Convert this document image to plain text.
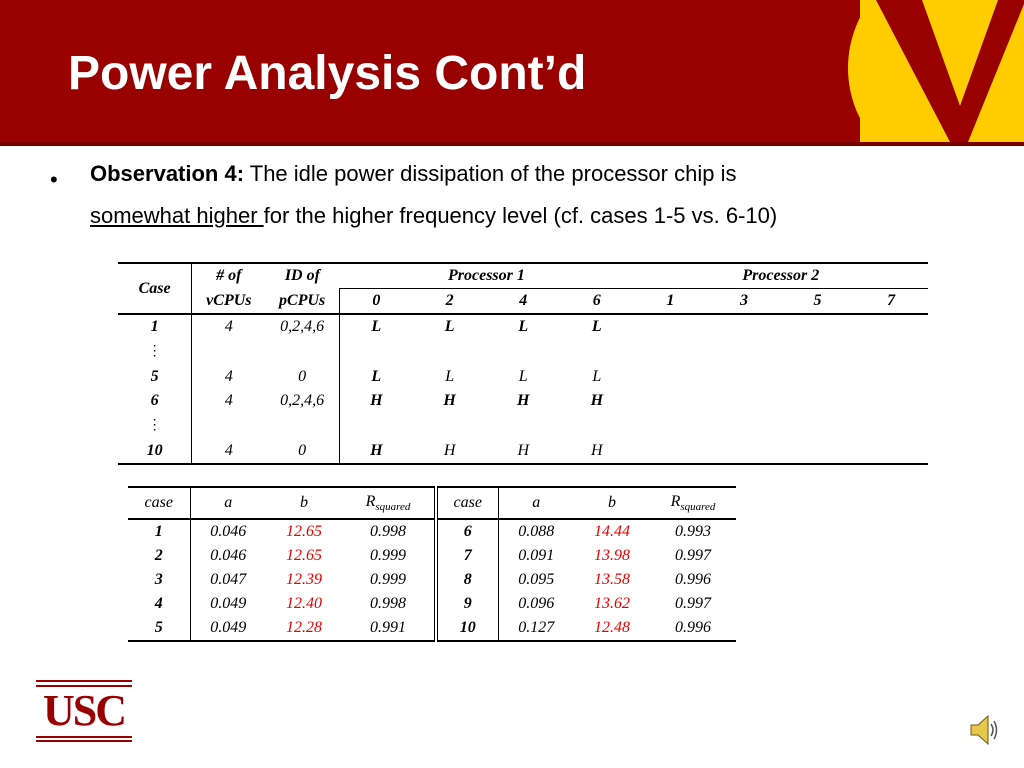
Power Analysis Cont’d
• Observation 4: The idle power dissipation of the processor chip is
somewhat higher for the higher frequency level (cf. cases 1-5 vs. 6-10)
Case	# of	ID of	Processor 1				Processor 2			
	vCPUs	pCPUs	0	2	4	6	1	3	5	7
1	4	0,2,4,6	L	L	L	L				
⋮										
5	4	0	L	L	L	L				
6	4	0,2,4,6	H	H	H	H				
⋮										
10	4	0	H	H	H	H				
case	a	b	$R_{squared}$	case	a	b	$R_{squared}$
1	0.046	12.65	0.998	6	0.088	14.44	0.993
2	0.046	12.65	0.999	7	0.091	13.98	0.997
3	0.047	12.39	0.999	8	0.095	13.58	0.996
4	0.049	12.40	0.998	9	0.096	13.62	0.997
5	0.049	12.28	0.991	10	0.127	12.48	0.996
USC
